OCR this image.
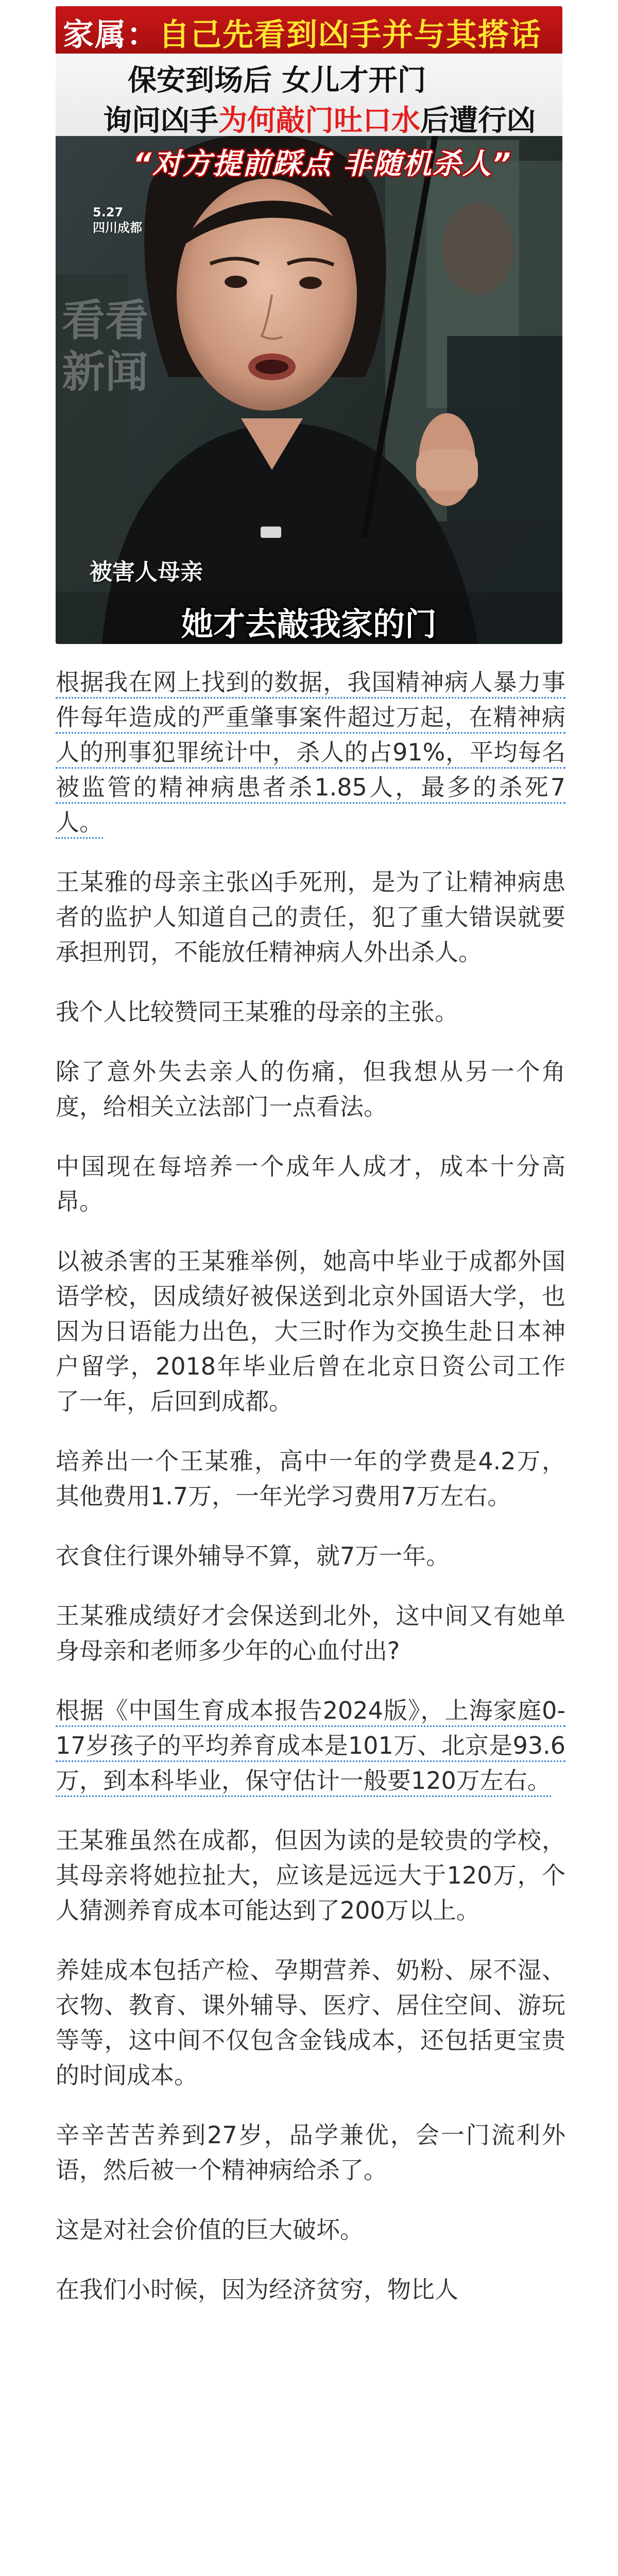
家属：自己先看到凶手并与其搭话
保安到场后 女儿才开门
询问凶手为何敲门吐口水后遭行凶
“对方提前踩点 非随机杀人”
5.27
四川成都
看看
新闻
被害人母亲
她才去敲我家的门

根据我在网上找到的数据，我国精神病人暴力事件每年造成的严重肇事案件超过万起，在精神病人的刑事犯罪统计中，杀人的占91%，平均每名被监管的精神病患者杀1.85人，最多的杀死7人。

王某雅的母亲主张凶手死刑，是为了让精神病患者的监护人知道自己的责任，犯了重大错误就要承担刑罚，不能放任精神病人外出杀人。

我个人比较赞同王某雅的母亲的主张。

除了意外失去亲人的伤痛，但我想从另一个角度，给相关立法部门一点看法。

中国现在每培养一个成年人成才，成本十分高昂。

以被杀害的王某雅举例，她高中毕业于成都外国语学校，因成绩好被保送到北京外国语大学，也因为日语能力出色，大三时作为交换生赴日本神户留学，2018年毕业后曾在北京日资公司工作了一年，后回到成都。

培养出一个王某雅，高中一年的学费是4.2万，其他费用1.7万，一年光学习费用7万左右。

衣食住行课外辅导不算，就7万一年。

王某雅成绩好才会保送到北外，这中间又有她单身母亲和老师多少年的心血付出?

根据《中国生育成本报告2024版》，上海家庭0-17岁孩子的平均养育成本是101万、北京是93.6万，到本科毕业，保守估计一般要120万左右。

王某雅虽然在成都，但因为读的是较贵的学校，其母亲将她拉扯大，应该是远远大于120万，个人猜测养育成本可能达到了200万以上。

养娃成本包括产检、孕期营养、奶粉、尿不湿、衣物、教育、课外辅导、医疗、居住空间、游玩等等，这中间不仅包含金钱成本，还包括更宝贵的时间成本。

辛辛苦苦养到27岁，品学兼优，会一门流利外语，然后被一个精神病给杀了。

这是对社会价值的巨大破坏。

在我们小时候，因为经济贫穷，物比人
